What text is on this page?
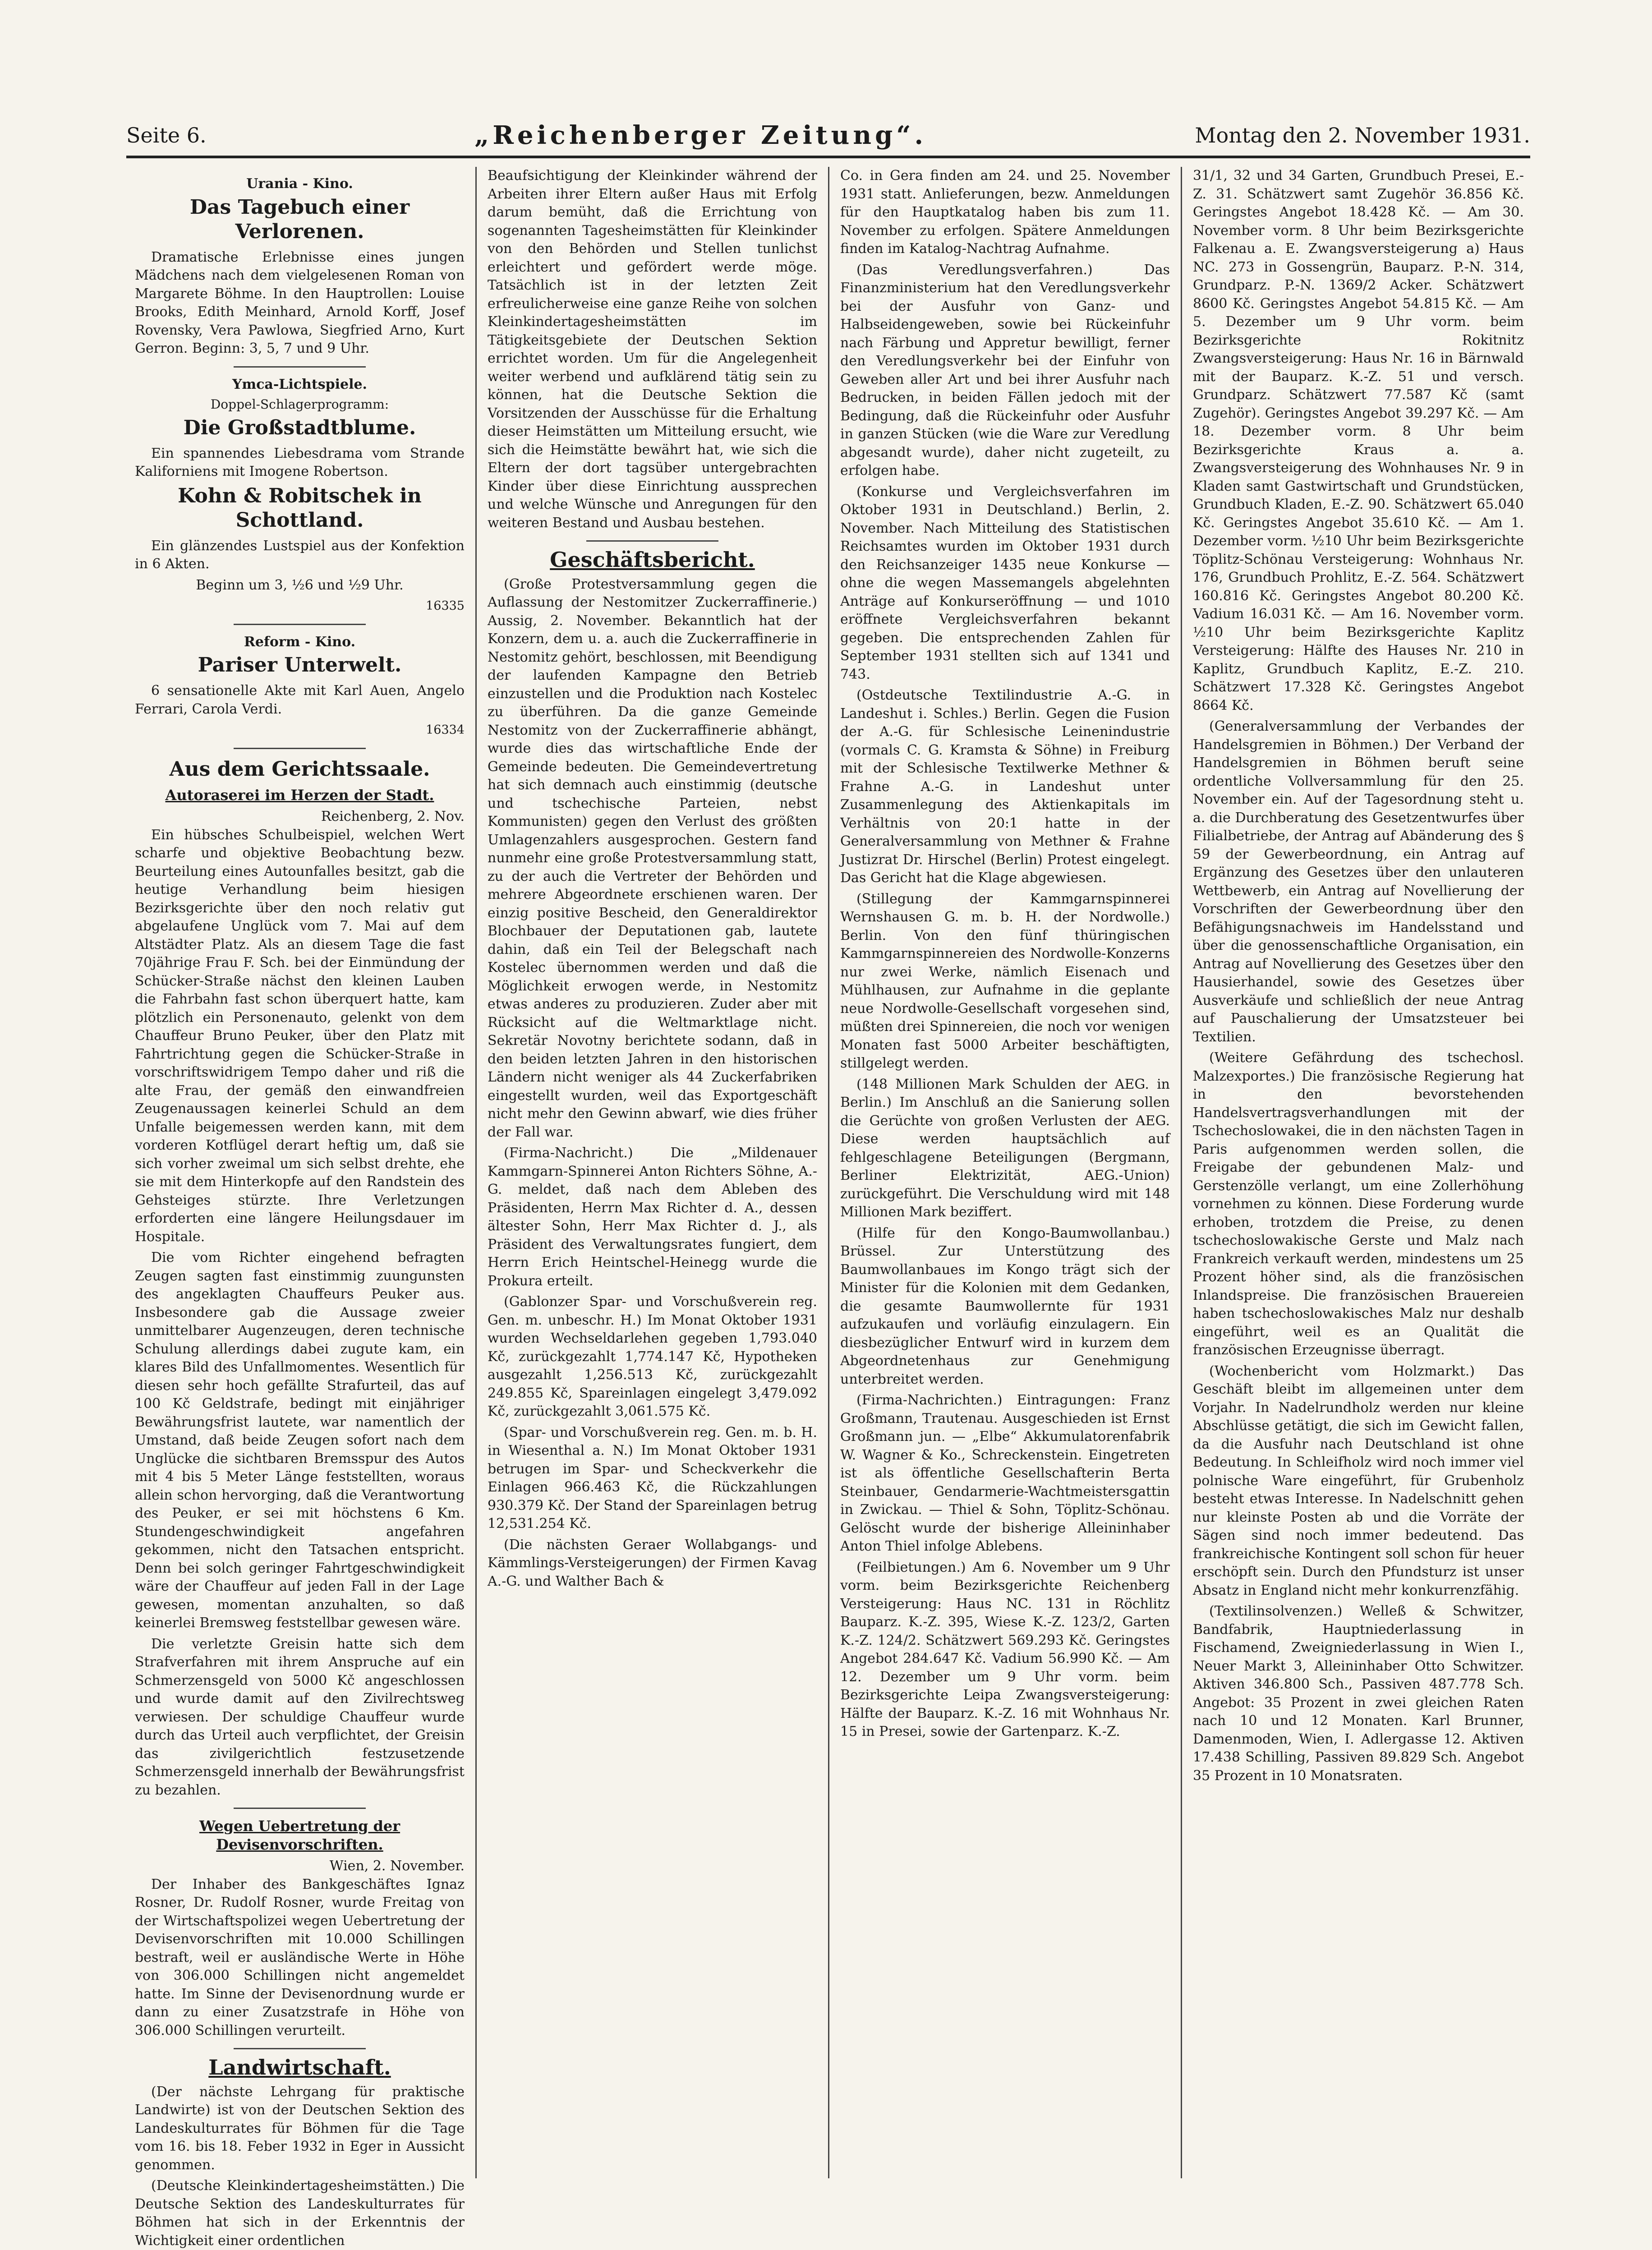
Seite 6.	„Reichenberger Zeitung“.	Montag den 2. November 1931.
Urania - Kino.
Das Tagebuch einer Verlorenen.

Dramatische Erlebnisse eines jungen Mädchens nach dem vielgelesenen Roman von Margarete Böhme. In den Hauptrollen: Louise Brooks, Edith Meinhard, Arnold Korff, Josef Rovensky, Vera Pawlowa, Siegfried Arno, Kurt Gerron. Beginn: 3, 5, 7 und 9 Uhr.

Ymca-Lichtspiele.
Doppel-Schlagerprogramm:
Die Großstadtblume.

Ein spannendes Liebesdrama vom Strande Kaliforniens mit Imogene Robertson.

Kohn & Robitschek in Schottland.

Ein glänzendes Lustspiel aus der Konfektion in 6 Akten.

Beginn um 3, ½6 und ½9 Uhr.

16335
Reform - Kino.
Pariser Unterwelt.

6 sensationelle Akte mit Karl Auen, Angelo Ferrari, Carola Verdi.

16334
Aus dem Gerichtssaale.
Autoraserei im Herzen der Stadt.
Reichenberg, 2. Nov.

Ein hübsches Schulbeispiel, welchen Wert scharfe und objektive Beobachtung bezw. Beurteilung eines Autounfalles besitzt, gab die heutige Verhandlung beim hiesigen Bezirksgerichte über den noch relativ gut abgelaufene Unglück vom 7. Mai auf dem Altstädter Platz. Als an diesem Tage die fast 70jährige Frau F. Sch. bei der Einmündung der Schücker-Straße nächst den kleinen Lauben die Fahrbahn fast schon überquert hatte, kam plötzlich ein Personenauto, gelenkt von dem Chauffeur Bruno Peuker, über den Platz mit Fahrtrichtung gegen die Schücker-Straße in vorschriftswidrigem Tempo daher und riß die alte Frau, der gemäß den einwandfreien Zeugenaussagen keinerlei Schuld an dem Unfalle beigemessen werden kann, mit dem vorderen Kotflügel derart heftig um, daß sie sich vorher zweimal um sich selbst drehte, ehe sie mit dem Hinterkopfe auf den Randstein des Gehsteiges stürzte. Ihre Verletzungen erforderten eine längere Heilungsdauer im Hospitale.

Die vom Richter eingehend befragten Zeugen sagten fast einstimmig zuungunsten des angeklagten Chauffeurs Peuker aus. Insbesondere gab die Aussage zweier unmittelbarer Augenzeugen, deren technische Schulung allerdings dabei zugute kam, ein klares Bild des Unfallmomentes. Wesentlich für diesen sehr hoch gefällte Strafurteil, das auf 100 Kč Geldstrafe, bedingt mit einjähriger Bewährungsfrist lautete, war namentlich der Umstand, daß beide Zeugen sofort nach dem Unglücke die sichtbaren Bremsspur des Autos mit 4 bis 5 Meter Länge feststellten, woraus allein schon hervorging, daß die Verantwortung des Peuker, er sei mit höchstens 6 Km. Stundengeschwindigkeit angefahren gekommen, nicht den Tatsachen entspricht. Denn bei solch geringer Fahrtgeschwindigkeit wäre der Chauffeur auf jeden Fall in der Lage gewesen, momentan anzuhalten, so daß keinerlei Bremsweg feststellbar gewesen wäre.

Die verletzte Greisin hatte sich dem Strafverfahren mit ihrem Anspruche auf ein Schmerzensgeld von 5000 Kč angeschlossen und wurde damit auf den Zivilrechtsweg verwiesen. Der schuldige Chauffeur wurde durch das Urteil auch verpflichtet, der Greisin das zivilgerichtlich festzusetzende Schmerzensgeld innerhalb der Bewährungsfrist zu bezahlen.

Wegen Uebertretung der Devisenvorschriften.
Wien, 2. November.

Der Inhaber des Bankgeschäftes Ignaz Rosner, Dr. Rudolf Rosner, wurde Freitag von der Wirtschaftspolizei wegen Uebertretung der Devisenvorschriften mit 10.000 Schillingen bestraft, weil er ausländische Werte in Höhe von 306.000 Schillingen nicht angemeldet hatte. Im Sinne der Devisenordnung wurde er dann zu einer Zusatzstrafe in Höhe von 306.000 Schillingen verurteilt.

Landwirtschaft.

(Der nächste Lehrgang für praktische Landwirte) ist von der Deutschen Sektion des Landeskulturrates für Böhmen für die Tage vom 16. bis 18. Feber 1932 in Eger in Aussicht genommen.

(Deutsche Kleinkindertagesheimstätten.) Die Deutsche Sektion des Landeskulturrates für Böhmen hat sich in der Erkenntnis der Wichtigkeit einer ordentlichen

Beaufsichtigung der Kleinkinder während der Arbeiten ihrer Eltern außer Haus mit Erfolg darum bemüht, daß die Errichtung von sogenannten Tagesheimstätten für Kleinkinder von den Behörden und Stellen tunlichst erleichtert und gefördert werde möge. Tatsächlich ist in der letzten Zeit erfreulicherweise eine ganze Reihe von solchen Kleinkindertagesheimstätten im Tätigkeitsgebiete der Deutschen Sektion errichtet worden. Um für die Angelegenheit weiter werbend und aufklärend tätig sein zu können, hat die Deutsche Sektion die Vorsitzenden der Ausschüsse für die Erhaltung dieser Heimstätten um Mitteilung ersucht, wie sich die Heimstätte bewährt hat, wie sich die Eltern der dort tagsüber untergebrachten Kinder über diese Einrichtung aussprechen und welche Wünsche und Anregungen für den weiteren Bestand und Ausbau bestehen.

Geschäftsbericht.

(Große Protestversammlung gegen die Auflassung der Nestomitzer Zuckerraffinerie.) Aussig, 2. November. Bekanntlich hat der Konzern, dem u. a. auch die Zuckerraffinerie in Nestomitz gehört, beschlossen, mit Beendigung der laufenden Kampagne den Betrieb einzustellen und die Produktion nach Kostelec zu überführen. Da die ganze Gemeinde Nestomitz von der Zuckerraffinerie abhängt, wurde dies das wirtschaftliche Ende der Gemeinde bedeuten. Die Gemeindevertretung hat sich demnach auch einstimmig (deutsche und tschechische Parteien, nebst Kommunisten) gegen den Verlust des größten Umlagenzahlers ausgesprochen. Gestern fand nunmehr eine große Protestversammlung statt, zu der auch die Vertreter der Behörden und mehrere Abgeordnete erschienen waren. Der einzig positive Bescheid, den Generaldirektor Blochbauer der Deputationen gab, lautete dahin, daß ein Teil der Belegschaft nach Kostelec übernommen werden und daß die Möglichkeit erwogen werde, in Nestomitz etwas anderes zu produzieren. Zuder aber mit Rücksicht auf die Weltmarktlage nicht. Sekretär Novotny berichtete sodann, daß in den beiden letzten Jahren in den historischen Ländern nicht weniger als 44 Zuckerfabriken eingestellt wurden, weil das Exportgeschäft nicht mehr den Gewinn abwarf, wie dies früher der Fall war.

(Firma-Nachricht.) Die „Mildenauer Kammgarn-Spinnerei Anton Richters Söhne, A.-G. meldet, daß nach dem Ableben des Präsidenten, Herrn Max Richter d. A., dessen ältester Sohn, Herr Max Richter d. J., als Präsident des Verwaltungsrates fungiert, dem Herrn Erich Heintschel-Heinegg wurde die Prokura erteilt.

(Gablonzer Spar- und Vorschußverein reg. Gen. m. unbeschr. H.) Im Monat Oktober 1931 wurden Wechseldarlehen gegeben 1,793.040 Kč, zurückgezahlt 1,774.147 Kč, Hypotheken ausgezahlt 1,256.513 Kč, zurückgezahlt 249.855 Kč, Spareinlagen eingelegt 3,479.092 Kč, zurückgezahlt 3,061.575 Kč.

(Spar- und Vorschußverein reg. Gen. m. b. H. in Wiesenthal a. N.) Im Monat Oktober 1931 betrugen im Spar- und Scheckverkehr die Einlagen 966.463 Kč, die Rückzahlungen 930.379 Kč. Der Stand der Spareinlagen betrug 12,531.254 Kč.

(Die nächsten Geraer Wollabgangs- und Kämmlings-Versteigerungen) der Firmen Kavag A.-G. und Walther Bach &

Co. in Gera finden am 24. und 25. November 1931 statt. Anlieferungen, bezw. Anmeldungen für den Hauptkatalog haben bis zum 11. November zu erfolgen. Spätere Anmeldungen finden im Katalog-Nachtrag Aufnahme.

(Das Veredlungsverfahren.) Das Finanzministerium hat den Veredlungsverkehr bei der Ausfuhr von Ganz- und Halbseidengeweben, sowie bei Rückeinfuhr nach Färbung und Appretur bewilligt, ferner den Veredlungsverkehr bei der Einfuhr von Geweben aller Art und bei ihrer Ausfuhr nach Bedrucken, in beiden Fällen jedoch mit der Bedingung, daß die Rückeinfuhr oder Ausfuhr in ganzen Stücken (wie die Ware zur Veredlung abgesandt wurde), daher nicht zugeteilt, zu erfolgen habe.

(Konkurse und Vergleichsverfahren im Oktober 1931 in Deutschland.) Berlin, 2. November. Nach Mitteilung des Statistischen Reichsamtes wurden im Oktober 1931 durch den Reichsanzeiger 1435 neue Konkurse — ohne die wegen Massemangels abgelehnten Anträge auf Konkurseröffnung — und 1010 eröffnete Vergleichsverfahren bekannt gegeben. Die entsprechenden Zahlen für September 1931 stellten sich auf 1341 und 743.

(Ostdeutsche Textilindustrie A.-G. in Landeshut i. Schles.) Berlin. Gegen die Fusion der A.-G. für Schlesische Leinenindustrie (vormals C. G. Kramsta & Söhne) in Freiburg mit der Schlesische Textilwerke Methner & Frahne A.-G. in Landeshut unter Zusammenlegung des Aktienkapitals im Verhältnis von 20:1 hatte in der Generalversammlung von Methner & Frahne Justizrat Dr. Hirschel (Berlin) Protest eingelegt. Das Gericht hat die Klage abgewiesen.

(Stillegung der Kammgarnspinnerei Wernshausen G. m. b. H. der Nordwolle.) Berlin. Von den fünf thüringischen Kammgarnspinnereien des Nordwolle-Konzerns nur zwei Werke, nämlich Eisenach und Mühlhausen, zur Aufnahme in die geplante neue Nordwolle-Gesellschaft vorgesehen sind, müßten drei Spinnereien, die noch vor wenigen Monaten fast 5000 Arbeiter beschäftigten, stillgelegt werden.

(148 Millionen Mark Schulden der AEG. in Berlin.) Im Anschluß an die Sanierung sollen die Gerüchte von großen Verlusten der AEG. Diese werden hauptsächlich auf fehlgeschlagene Beteiligungen (Bergmann, Berliner Elektrizität, AEG.-Union) zurückgeführt. Die Verschuldung wird mit 148 Millionen Mark beziffert.

(Hilfe für den Kongo-Baumwollanbau.) Brüssel. Zur Unterstützung des Baumwollanbaues im Kongo trägt sich der Minister für die Kolonien mit dem Gedanken, die gesamte Baumwollernte für 1931 aufzukaufen und vorläufig einzulagern. Ein diesbezüglicher Entwurf wird in kurzem dem Abgeordnetenhaus zur Genehmigung unterbreitet werden.

(Firma-Nachrichten.) Eintragungen: Franz Großmann, Trautenau. Ausgeschieden ist Ernst Großmann jun. — „Elbe“ Akkumulatorenfabrik W. Wagner & Ko., Schreckenstein. Eingetreten ist als öffentliche Gesellschafterin Berta Steinbauer, Gendarmerie-Wachtmeistersgattin in Zwickau. — Thiel & Sohn, Töplitz-Schönau. Gelöscht wurde der bisherige Alleininhaber Anton Thiel infolge Ablebens.

(Feilbietungen.) Am 6. November um 9 Uhr vorm. beim Bezirksgerichte Reichenberg Versteigerung: Haus NC. 131 in Röchlitz Bauparz. K.-Z. 395, Wiese K.-Z. 123/2, Garten K.-Z. 124/2. Schätzwert 569.293 Kč. Geringstes Angebot 284.647 Kč. Vadium 56.990 Kč. — Am 12. Dezember um 9 Uhr vorm. beim Bezirksgerichte Leipa Zwangsversteigerung: Hälfte der Bauparz. K.-Z. 16 mit Wohnhaus Nr. 15 in Presei, sowie der Gartenparz. K.-Z.

31/1, 32 und 34 Garten, Grundbuch Presei, E.-Z. 31. Schätzwert samt Zugehör 36.856 Kč. Geringstes Angebot 18.428 Kč. — Am 30. November vorm. 8 Uhr beim Bezirksgerichte Falkenau a. E. Zwangsversteigerung a) Haus NC. 273 in Gossengrün, Bauparz. P.-N. 314, Grundparz. P.-N. 1369/2 Acker. Schätzwert 8600 Kč. Geringstes Angebot 54.815 Kč. — Am 5. Dezember um 9 Uhr vorm. beim Bezirksgerichte Rokitnitz Zwangsversteigerung: Haus Nr. 16 in Bärnwald mit der Bauparz. K.-Z. 51 und versch. Grundparz. Schätzwert 77.587 Kč (samt Zugehör). Geringstes Angebot 39.297 Kč. — Am 18. Dezember vorm. 8 Uhr beim Bezirksgerichte Kraus a. a. Zwangsversteigerung des Wohnhauses Nr. 9 in Kladen samt Gastwirtschaft und Grundstücken, Grundbuch Kladen, E.-Z. 90. Schätzwert 65.040 Kč. Geringstes Angebot 35.610 Kč. — Am 1. Dezember vorm. ½10 Uhr beim Bezirksgerichte Töplitz-Schönau Versteigerung: Wohnhaus Nr. 176, Grundbuch Prohlitz, E.-Z. 564. Schätzwert 160.816 Kč. Geringstes Angebot 80.200 Kč. Vadium 16.031 Kč. — Am 16. November vorm. ½10 Uhr beim Bezirksgerichte Kaplitz Versteigerung: Hälfte des Hauses Nr. 210 in Kaplitz, Grundbuch Kaplitz, E.-Z. 210. Schätzwert 17.328 Kč. Geringstes Angebot 8664 Kč.

(Generalversammlung der Verbandes der Handelsgremien in Böhmen.) Der Verband der Handelsgremien in Böhmen beruft seine ordentliche Vollversammlung für den 25. November ein. Auf der Tagesordnung steht u. a. die Durchberatung des Gesetzentwurfes über Filialbetriebe, der Antrag auf Abänderung des § 59 der Gewerbeordnung, ein Antrag auf Ergänzung des Gesetzes über den unlauteren Wettbewerb, ein Antrag auf Novellierung der Vorschriften der Gewerbeordnung über den Befähigungsnachweis im Handelsstand und über die genossenschaftliche Organisation, ein Antrag auf Novellierung des Gesetzes über den Hausierhandel, sowie des Gesetzes über Ausverkäufe und schließlich der neue Antrag auf Pauschalierung der Umsatzsteuer bei Textilien.

(Weitere Gefährdung des tschechosl. Malzexportes.) Die französische Regierung hat in den bevorstehenden Handelsvertragsverhandlungen mit der Tschechoslowakei, die in den nächsten Tagen in Paris aufgenommen werden sollen, die Freigabe der gebundenen Malz- und Gerstenzölle verlangt, um eine Zollerhöhung vornehmen zu können. Diese Forderung wurde erhoben, trotzdem die Preise, zu denen tschechoslowakische Gerste und Malz nach Frankreich verkauft werden, mindestens um 25 Prozent höher sind, als die französischen Inlandspreise. Die französischen Brauereien haben tschechoslowakisches Malz nur deshalb eingeführt, weil es an Qualität die französischen Erzeugnisse überragt.

(Wochenbericht vom Holzmarkt.) Das Geschäft bleibt im allgemeinen unter dem Vorjahr. In Nadelrundholz werden nur kleine Abschlüsse getätigt, die sich im Gewicht fallen, da die Ausfuhr nach Deutschland ist ohne Bedeutung. In Schleifholz wird noch immer viel polnische Ware eingeführt, für Grubenholz besteht etwas Interesse. In Nadelschnitt gehen nur kleinste Posten ab und die Vorräte der Sägen sind noch immer bedeutend. Das frankreichische Kontingent soll schon für heuer erschöpft sein. Durch den Pfundsturz ist unser Absatz in England nicht mehr konkurrenzfähig.

(Textilinsolvenzen.) Welleß & Schwitzer, Bandfabrik, Hauptniederlassung in Fischamend, Zweigniederlassung in Wien I., Neuer Markt 3, Alleininhaber Otto Schwitzer. Aktiven 346.800 Sch., Passiven 487.778 Sch. Angebot: 35 Prozent in zwei gleichen Raten nach 10 und 12 Monaten. Karl Brunner, Damenmoden, Wien, I. Adlergasse 12. Aktiven 17.438 Schilling, Passiven 89.829 Sch. Angebot 35 Prozent in 10 Monatsraten.
